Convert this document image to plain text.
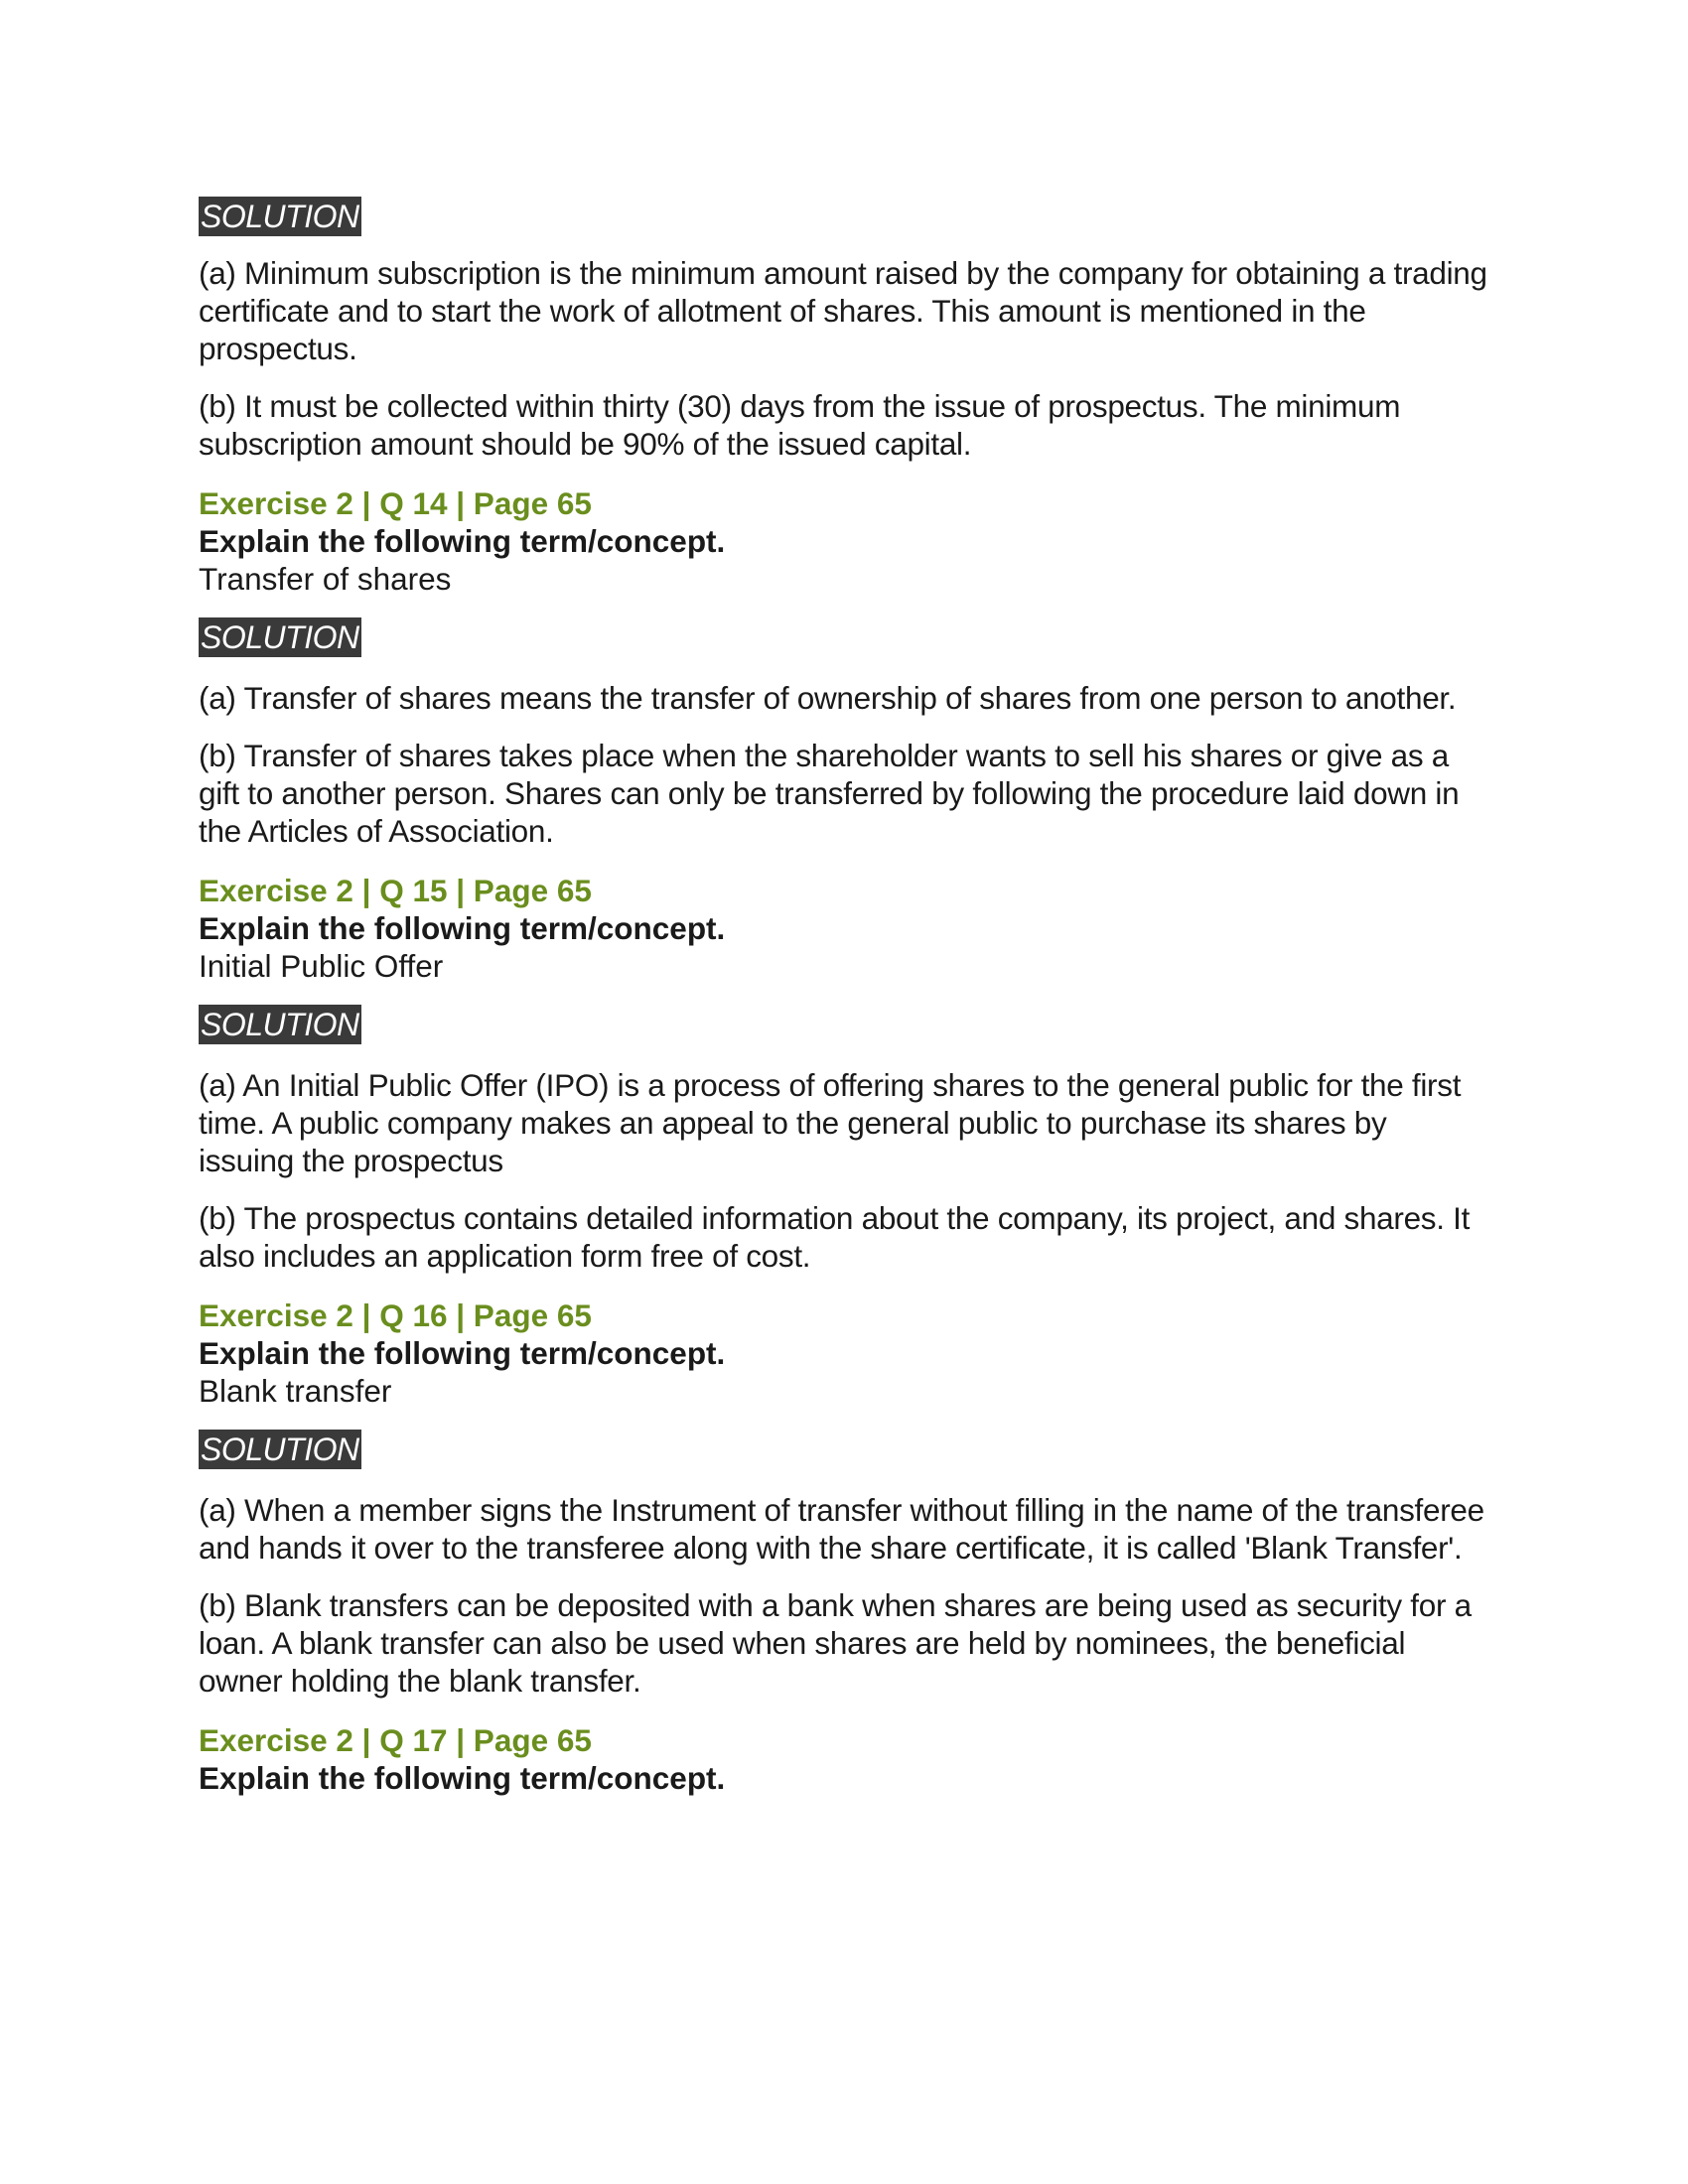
SOLUTION

(a) Minimum subscription is the minimum amount raised by the company for obtaining a trading certificate and to start the work of allotment of shares. This amount is mentioned in the prospectus.

(b) It must be collected within thirty (30) days from the issue of prospectus. The minimum subscription amount should be 90% of the issued capital.

Exercise 2 | Q 14 | Page 65

Explain the following term/concept.

Transfer of shares

SOLUTION

(a) Transfer of shares means the transfer of ownership of shares from one person to another.

(b) Transfer of shares takes place when the shareholder wants to sell his shares or give as a gift to another person. Shares can only be transferred by following the procedure laid down in the Articles of Association.

Exercise 2 | Q 15 | Page 65

Explain the following term/concept.

Initial Public Offer

SOLUTION

(a) An Initial Public Offer (IPO) is a process of offering shares to the general public for the first time. A public company makes an appeal to the general public to purchase its shares by issuing the prospectus

(b) The prospectus contains detailed information about the company, its project, and shares. It also includes an application form free of cost.

Exercise 2 | Q 16 | Page 65

Explain the following term/concept.

Blank transfer

SOLUTION

(a) When a member signs the Instrument of transfer without filling in the name of the transferee and hands it over to the transferee along with the share certificate, it is called 'Blank Transfer'.

(b) Blank transfers can be deposited with a bank when shares are being used as security for a loan. A blank transfer can also be used when shares are held by nominees, the beneficial owner holding the blank transfer.

Exercise 2 | Q 17 | Page 65

Explain the following term/concept.
